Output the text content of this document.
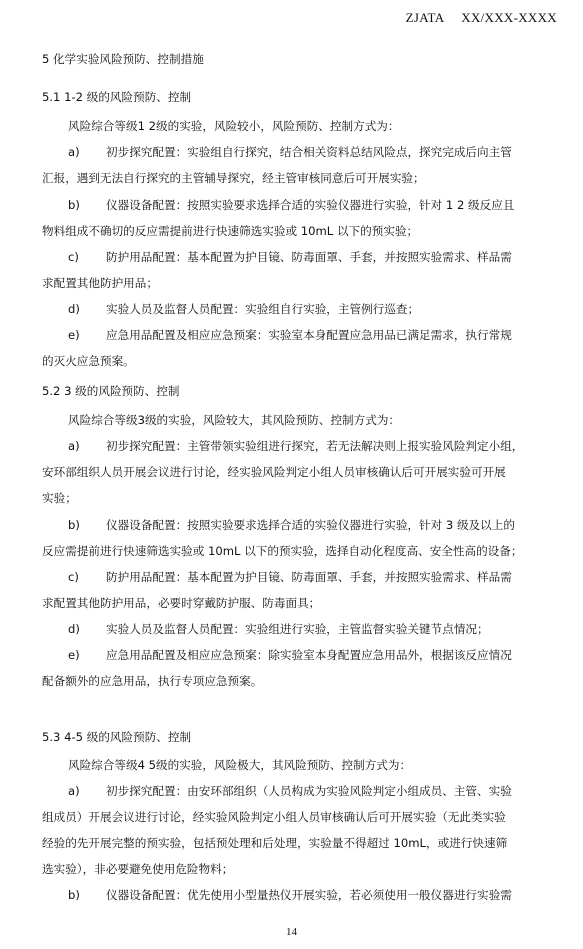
ZJATA XX/XXX-XXXX
5 化学实验风险预防、控制措施
5.1 1-2 级的风险预防、控制
风险综合等级1 2级的实验，风险较小，风险预防、控制方式为：
a) 初步探究配置：实验组自行探究，结合相关资料总结风险点，探究完成后向主管
汇报，遇到无法自行探究的主管辅导探究，经主管审核同意后可开展实验；
b) 仪器设备配置：按照实验要求选择合适的实验仪器进行实验，针对 1 2 级反应且
物料组成不确切的反应需提前进行快速筛选实验或 10mL 以下的预实验；
c) 防护用品配置：基本配置为护目镜、防毒面罩、手套，并按照实验需求、样品需
求配置其他防护用品；
d) 实验人员及监督人员配置：实验组自行实验，主管例行巡查；
e) 应急用品配置及相应应急预案：实验室本身配置应急用品已满足需求，执行常规
的灭火应急预案。
5.2 3 级的风险预防、控制
风险综合等级3级的实验，风险较大，其风险预防、控制方式为：
a) 初步探究配置：主管带领实验组进行探究，若无法解决则上报实验风险判定小组，
安环部组织人员开展会议进行讨论，经实验风险判定小组人员审核确认后可开展实验可开展
实验；
b) 仪器设备配置：按照实验要求选择合适的实验仪器进行实验，针对 3 级及以上的
反应需提前进行快速筛选实验或 10mL 以下的预实验，选择自动化程度高、安全性高的设备；
c) 防护用品配置：基本配置为护目镜、防毒面罩、手套，并按照实验需求、样品需
求配置其他防护用品，必要时穿戴防护服、防毒面具；
d) 实验人员及监督人员配置：实验组进行实验，主管监督实验关键节点情况；
e) 应急用品配置及相应应急预案：除实验室本身配置应急用品外，根据该反应情况
配备额外的应急用品，执行专项应急预案。
5.3 4-5 级的风险预防、控制
风险综合等级4 5级的实验，风险极大，其风险预防、控制方式为：
a) 初步探究配置：由安环部组织（人员构成为实验风险判定小组成员、主管、实验
组成员）开展会议进行讨论，经实验风险判定小组人员审核确认后可开展实验（无此类实验
经验的先开展完整的预实验，包括预处理和后处理，实验量不得超过 10mL，或进行快速筛
选实验），非必要避免使用危险物料；
b) 仪器设备配置：优先使用小型量热仪开展实验，若必须使用一般仪器进行实验需
14
